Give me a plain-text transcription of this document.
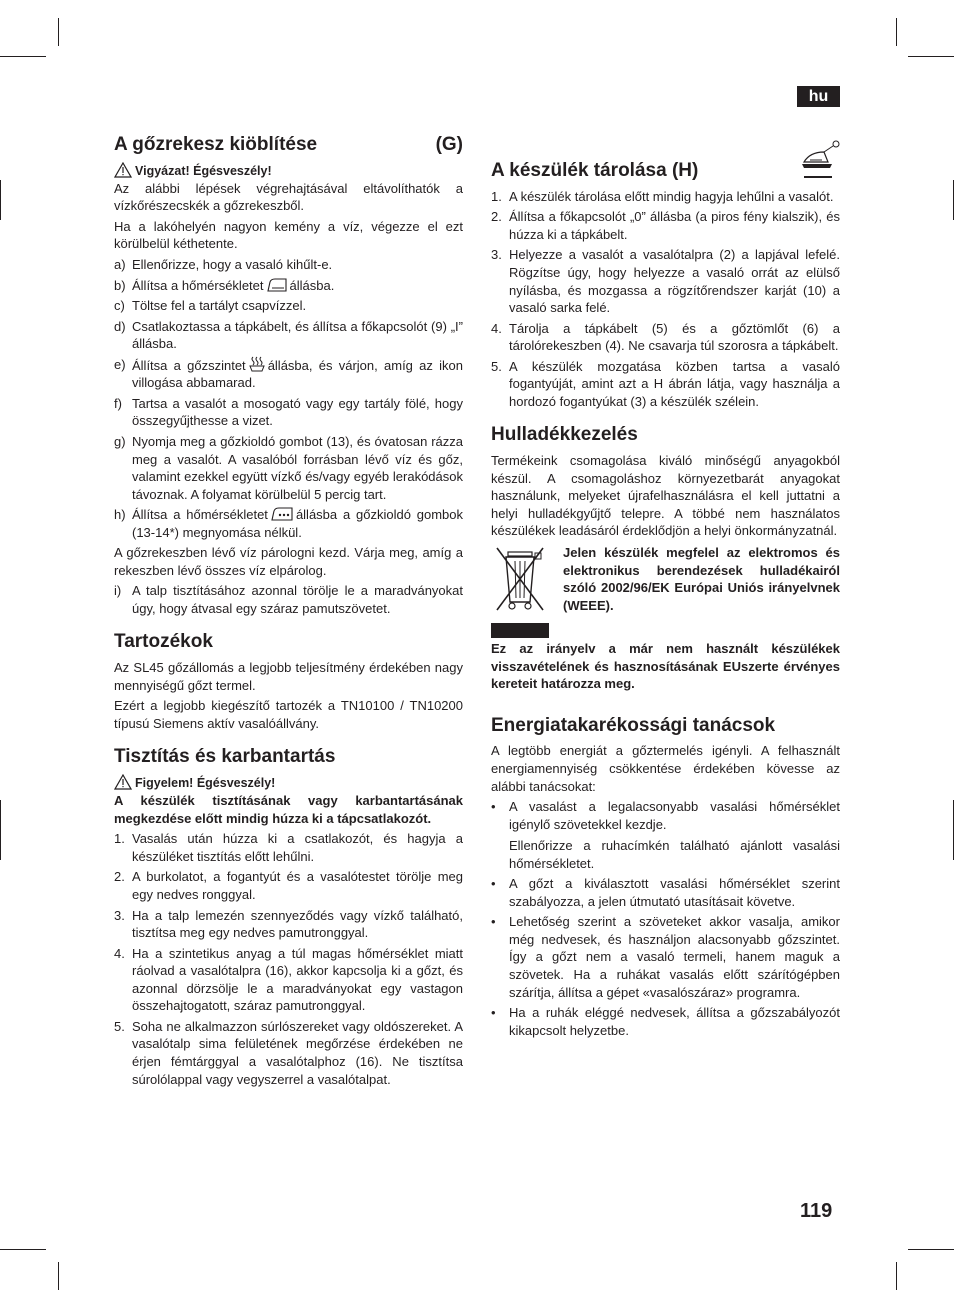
hu
A gőzrekesz kiöblítése	(G)
Vigyázat! Égésveszély!

Az alábbi lépések végrehajtásával eltávolíthatók a vízkőrészecskék a gőzrekeszből.

Ha a lakóhelyén nagyon kemény a víz, végezze el ezt körülbelül kéthetente.

a) Ellenőrizze, hogy a vasaló kihűlt-e.
b) Állítsa a hőmérsékletet állásba.
c) Töltse fel a tartályt csapvízzel.
d) Csatlakoztassa a tápkábelt, és állítsa a főkapcsolót (9) „I” állásba.
e) Állítsa a gőzszintet állásba, és várjon, amíg az ikon villogása abbamarad.
f) Tartsa a vasalót a mosogató vagy egy tartály fölé, hogy összegyűjthesse a vizet.
g) Nyomja meg a gőzkioldó gombot (13), és óvatosan rázza meg a vasalót. A vasalóból forrásban lévő víz és gőz, valamint ezekkel együtt vízkő és/vagy egyéb lerakódások távoznak. A folyamat körülbelül 5 percig tart.
h) Állítsa a hőmérsékletet állásba a gőzkioldó gombok (13-14*) megnyomása nélkül.

A gőzrekeszben lévő víz párologni kezd. Várja meg, amíg a rekeszben lévő összes víz elpárolog.

i) A talp tisztításához azonnal törölje le a maradványokat úgy, hogy átvasal egy száraz pamutszövetet.
Tartozékok

Az SL45 gőzállomás a legjobb teljesítmény érdekében nagy mennyiségű gőzt termel.

Ezért a legjobb kiegészítő tartozék a TN10100 / TN10200 típusú Siemens aktív vasalóállvány.

Tisztítás és karbantartás
Figyelem! Égésveszély!

A készülék tisztításának vagy karbantartásának megkezdése előtt mindig húzza ki a tápcsatlakozót.

1. Vasalás után húzza ki a csatlakozót, és hagyja a készüléket tisztítás előtt lehűlni.
2. A burkolatot, a fogantyút és a vasalótestet törölje meg egy nedves ronggyal.
3. Ha a talp lemezén szennyeződés vagy vízkő található, tisztítsa meg egy nedves pamutronggyal.
4. Ha a szintetikus anyag a túl magas hőmérséklet miatt ráolvad a vasalótalpra (16), akkor kapcsolja ki a gőzt, és azonnal dörzsölje le a maradványokat egy vastagon összehajtogatott, száraz pamutronggyal.
5. Soha ne alkalmazzon súrlószereket vagy oldószereket. A vasalótalp sima felületének megőrzése érdekében ne érjen fémtárggyal a vasalótalphoz (16). Ne tisztítsa súrolólappal vagy vegyszerrel a vasalótalpat.
A készülék tárolása (H)
1. A készülék tárolása előtt mindig hagyja lehűlni a vasalót.
2. Állítsa a főkapcsolót „0” állásba (a piros fény kialszik), és húzza ki a tápkábelt.
3. Helyezze a vasalót a vasalótalpra (2) a lapjával lefelé. Rögzítse úgy, hogy helyezze a vasaló orrát az elülső nyílásba, és mozgassa a rögzítőrendszer karját (10) a vasaló sarka felé.
4. Tárolja a tápkábelt (5) és a gőztömlőt (6) a tárolórekeszben (4). Ne csavarja túl szorosra a tápkábelt.
5. A készülék mozgatása közben tartsa a vasaló fogantyúját, amint azt a H ábrán látja, vagy használja a hordozó fogantyúkat (3) a készülék szélein.
Hulladékkezelés

Termékeink csomagolása kiváló minőségű anyagokból készül. A csomagoláshoz környezetbarát anyagokat használunk, melyeket újrafelhasználásra el kell juttatni a helyi hulladékgyűjtő telepre. A többé nem használatos készülékek leadásáról érdeklődjön a helyi önkormányzatnál.

Jelen készülék megfelel az elektromos és elektronikus berendezések hulladékairól szóló 2002/96/EK Európai Uniós irányelvnek (WEEE).

Ez az irányelv a már nem használt készülékek visszavételének és hasznosításának EUszerte érvényes kereteit határozza meg.

Energiatakarékossági tanácsok

A legtöbb energiát a gőztermelés igényli. A felhasznált energiamennyiség csökkentése érdekében kövesse az alábbi tanácsokat:

•	A vasalást a legalacsonyabb vasalási hőmérséklet igénylő szövetekkel kezdje.

Ellenőrizze a ruhacímkén található ajánlott vasalási hőmérsékletet.
•	A gőzt a kiválasztott vasalási hőmérséklet szerint szabályozza, a jelen útmutató utasításait követve.
•	Lehetőség szerint a szöveteket akkor vasalja, amikor még nedvesek, és használjon alacsonyabb gőzszintet. Így a gőzt nem a vasaló termeli, hanem maguk a szövetek. Ha a ruhákat vasalás előtt szárítógépben szárítja, állítsa a gépet «vasalószáraz» programra.
•	Ha a ruhák eléggé nedvesek, állítsa a gőzszabályozót kikapcsolt helyzetbe.
119
